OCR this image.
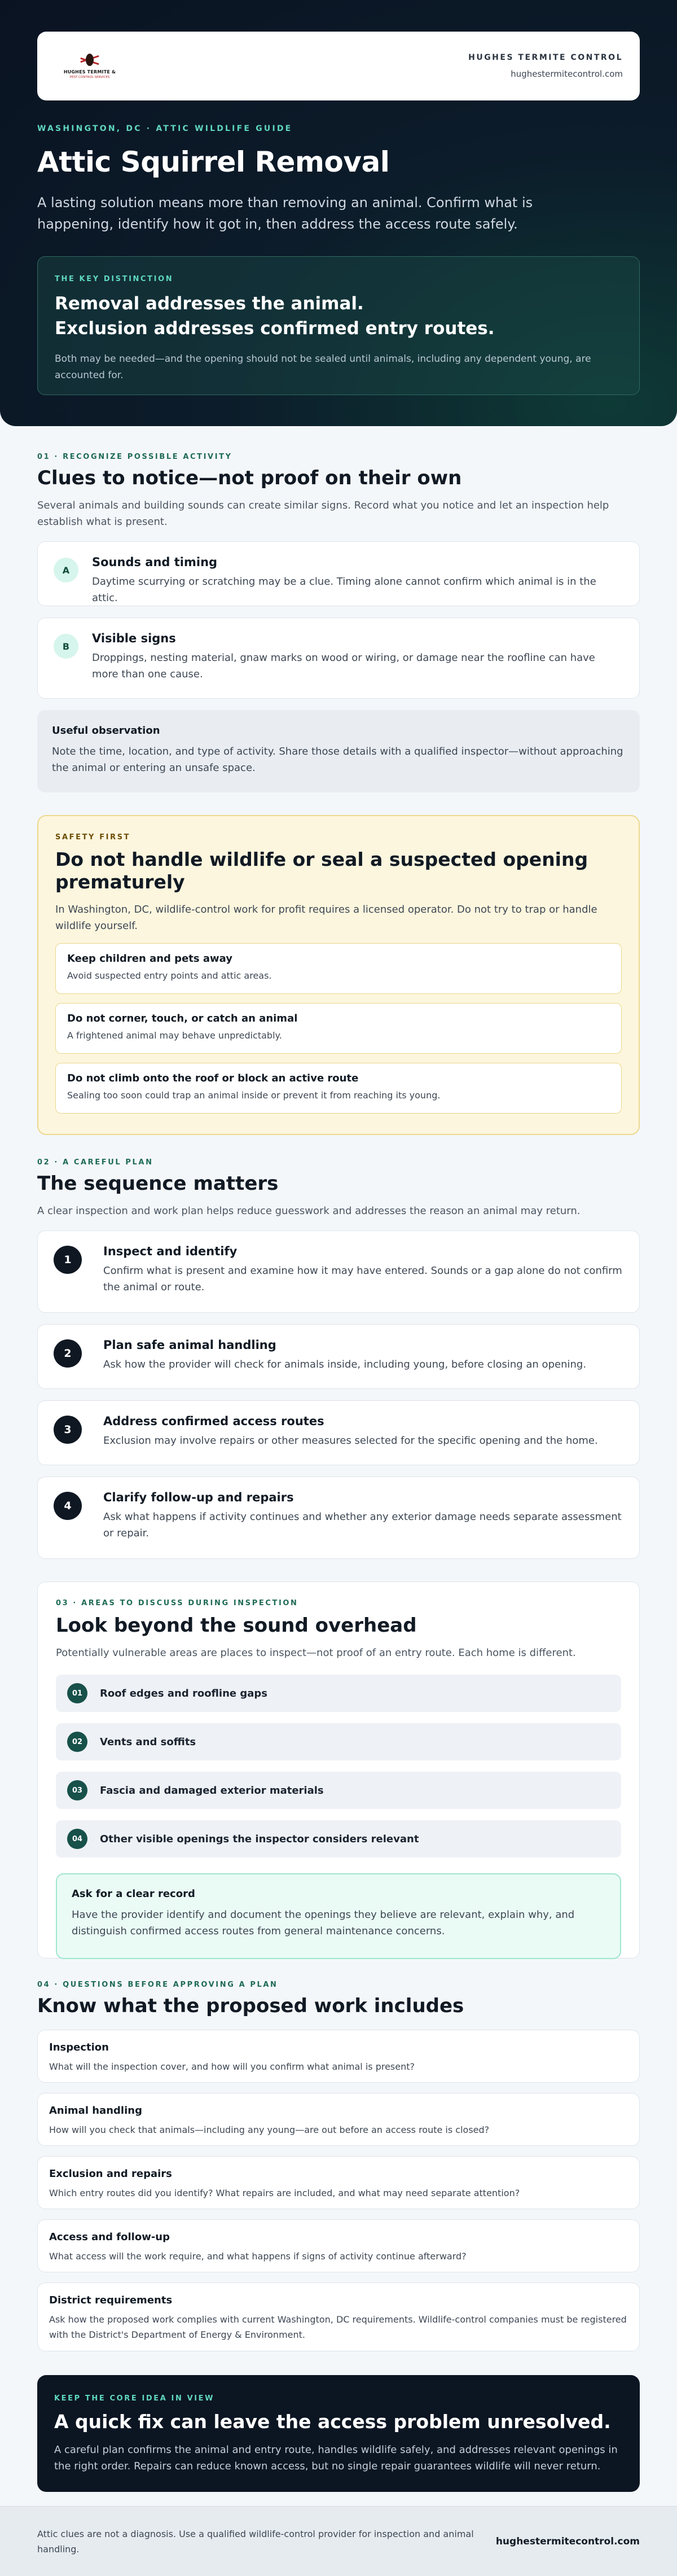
HUGHES TERMITE &
PEST CONTROL SERVICES
HUGHES TERMITE CONTROL
hughestermitecontrol.com
WASHINGTON, DC · ATTIC WILDLIFE GUIDE
Attic Squirrel Removal

A lasting solution means more than removing an animal. Confirm what is happening, identify how it got in, then address the access route safely.

THE KEY DISTINCTION
Removal addresses the animal.
Exclusion addresses confirmed entry routes.
Both may be needed—and the opening should not be sealed until animals, including any dependent young, are accounted for.
01 · RECOGNIZE POSSIBLE ACTIVITY
Clues to notice—not proof on their own

Several animals and building sounds can create similar signs. Record what you notice and let an inspection help establish what is present.

A
Sounds and timing
Daytime scurrying or scratching may be a clue. Timing alone cannot confirm which animal is in the attic.
B
Visible signs
Droppings, nesting material, gnaw marks on wood or wiring, or damage near the roofline can have more than one cause.
Useful observation
Note the time, location, and type of activity. Share those details with a qualified inspector—without approaching the animal or entering an unsafe space.
SAFETY FIRST
Do not handle wildlife or seal a suspected opening prematurely

In Washington, DC, wildlife-control work for profit requires a licensed operator. Do not try to trap or handle wildlife yourself.

Keep children and pets away
Avoid suspected entry points and attic areas.
Do not corner, touch, or catch an animal
A frightened animal may behave unpredictably.
Do not climb onto the roof or block an active route
Sealing too soon could trap an animal inside or prevent it from reaching its young.
02 · A CAREFUL PLAN
The sequence matters

A clear inspection and work plan helps reduce guesswork and addresses the reason an animal may return.

1
Inspect and identify
Confirm what is present and examine how it may have entered. Sounds or a gap alone do not confirm the animal or route.
2
Plan safe animal handling
Ask how the provider will check for animals inside, including young, before closing an opening.
3
Address confirmed access routes
Exclusion may involve repairs or other measures selected for the specific opening and the home.
4
Clarify follow-up and repairs
Ask what happens if activity continues and whether any exterior damage needs separate assessment or repair.
03 · AREAS TO DISCUSS DURING INSPECTION
Look beyond the sound overhead

Potentially vulnerable areas are places to inspect—not proof of an entry route. Each home is different.

01	Roof edges and roofline gaps
02	Vents and soffits
03	Fascia and damaged exterior materials
04	Other visible openings the inspector considers relevant
Ask for a clear record
Have the provider identify and document the openings they believe are relevant, explain why, and distinguish confirmed access routes from general maintenance concerns.
04 · QUESTIONS BEFORE APPROVING A PLAN
Know what the proposed work includes
Inspection
What will the inspection cover, and how will you confirm what animal is present?
Animal handling
How will you check that animals—including any young—are out before an access route is closed?
Exclusion and repairs
Which entry routes did you identify? What repairs are included, and what may need separate attention?
Access and follow-up
What access will the work require, and what happens if signs of activity continue afterward?
District requirements
Ask how the proposed work complies with current Washington, DC requirements. Wildlife-control companies must be registered with the District's Department of Energy & Environment.
KEEP THE CORE IDEA IN VIEW
A quick fix can leave the access problem unresolved.

A careful plan confirms the animal and entry route, handles wildlife safely, and addresses relevant openings in the right order. Repairs can reduce known access, but no single repair guarantees wildlife will never return.

Attic clues are not a diagnosis. Use a qualified wildlife-control provider for inspection and animal handling.
hughestermitecontrol.com
